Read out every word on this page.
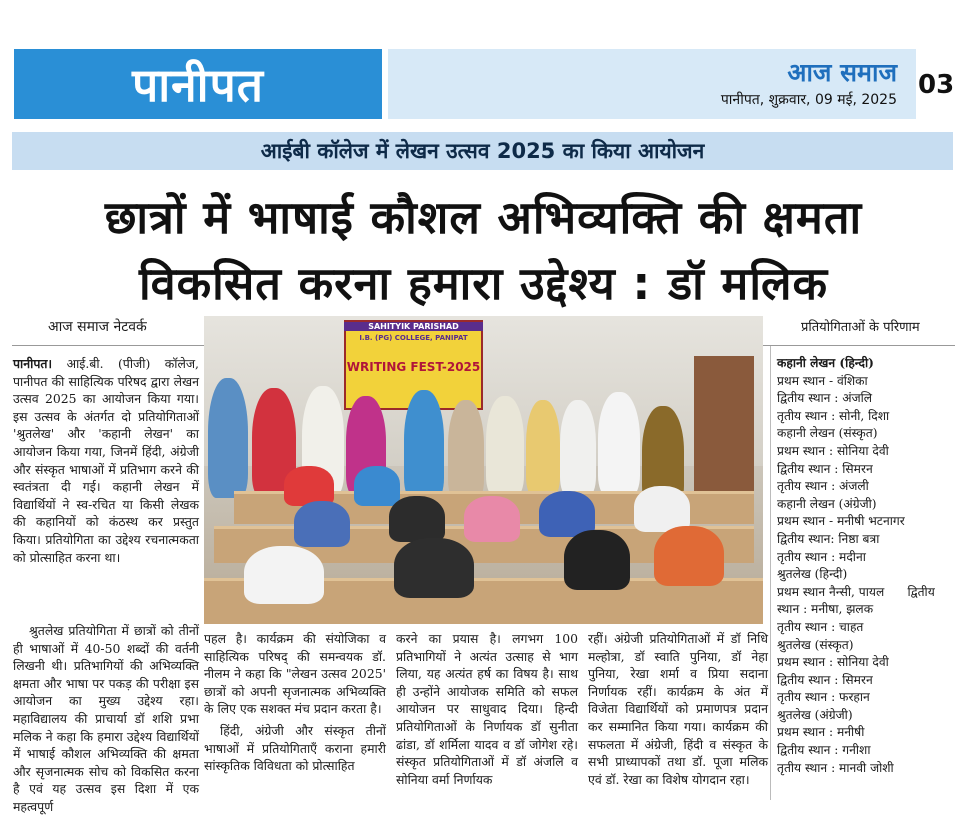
पानीपत	आज समाज
पानीपत, शुक्रवार, 09 मई, 2025 03
आईबी कॉलेज में लेखन उत्सव 2025 का किया आयोजन
छात्रों में भाषाई कौशल अभिव्यक्ति की क्षमता
विकसित करना हमारा उद्देश्य : डॉ मलिक
आज समाज नेटवर्क	प्रतियोगिताओं के परिणाम
SAHITYIK PARISHAD
I.B. (PG) COLLEGE, PANIPAT
WRITING FEST-2025

पानीपत। आई.बी. (पीजी) कॉलेज, पानीपत की साहित्यिक परिषद द्वारा लेखन उत्सव 2025 का आयोजन किया गया। इस उत्सव के अंतर्गत दो प्रतियोगिताओं 'श्रुतलेख' और 'कहानी लेखन' का आयोजन किया गया, जिनमें हिंदी, अंग्रेजी और संस्कृत भाषाओं में प्रतिभाग करने की स्वतंत्रता दी गई। कहानी लेखन में विद्यार्थियों ने स्व-रचित या किसी लेखक की कहानियों को कंठस्थ कर प्रस्तुत किया। प्रतियोगिता का उद्देश्य रचनात्मकता को प्रोत्साहित करना था।

श्रुतलेख प्रतियोगिता में छात्रों को तीनों ही भाषाओं में 40-50 शब्दों की वर्तनी लिखनी थी। प्रतिभागियों की अभिव्यक्ति क्षमता और भाषा पर पकड़ की परीक्षा इस आयोजन का मुख्य उद्देश्य रहा। महाविद्यालय की प्राचार्या डॉ शशि प्रभा मलिक ने कहा कि हमारा उद्देश्य विद्यार्थियों में भाषाई कौशल अभिव्यक्ति की क्षमता और सृजनात्मक सोच को विकसित करना है एवं यह उत्सव इस दिशा में एक महत्वपूर्ण

पहल है। कार्यक्रम की संयोजिका व साहित्यिक परिषद् की समन्वयक डॉ. नीलम ने कहा कि "लेखन उत्सव 2025' छात्रों को अपनी सृजनात्मक अभिव्यक्ति के लिए एक सशक्त मंच प्रदान करता है।

हिंदी, अंग्रेजी और संस्कृत तीनों भाषाओं में प्रतियोगिताएँ कराना हमारी सांस्कृतिक विविधता को प्रोत्साहित

करने का प्रयास है। लगभग 100 प्रतिभागियों ने अत्यंत उत्साह से भाग लिया, यह अत्यंत हर्ष का विषय है। साथ ही उन्होंने आयोजक समिति को सफल आयोजन पर साधुवाद दिया। हिन्दी प्रतियोगिताओं के निर्णायक डॉ सुनीता ढांडा, डॉ शर्मिला यादव व डॉ जोगेश रहे। संस्कृत प्रतियोगिताओं में डॉ अंजलि व सोनिया वर्मा निर्णायक

रहीं। अंग्रेजी प्रतियोगिताओं में डॉ निधि मल्होत्रा, डॉ स्वाति पुनिया, डॉ नेहा पुनिया, रेखा शर्मा व प्रिया सदाना निर्णायक रहीं। कार्यक्रम के अंत में विजेता विद्यार्थियों को प्रमाणपत्र प्रदान कर सम्मानित किया गया। कार्यक्रम की सफलता में अंग्रेजी, हिंदी व संस्कृत के सभी प्राध्यापकों तथा डॉ. पूजा मलिक एवं डॉ. रेखा का विशेष योगदान रहा।

कहानी लेखन (हिन्दी)
प्रथम स्थान - वंशिका
द्वितीय स्थान : अंजलि
तृतीय स्थान : सोनी, दिशा
कहानी लेखन (संस्कृत)
प्रथम स्थान : सोनिया देवी
द्वितीय स्थान : सिमरन
तृतीय स्थान : अंजली
कहानी लेखन (अंग्रेजी)
प्रथम स्थान - मनीषी भटनागर
द्वितीय स्थान: निष्ठा बत्रा
तृतीय स्थान : मदीना
श्रुतलेख (हिन्दी)
प्रथम स्थान नैन्सी, पायल      द्वितीय
स्थान : मनीषा, झलक
तृतीय स्थान : चाहत
श्रुतलेख (संस्कृत)
प्रथम स्थान : सोनिया देवी
द्वितीय स्थान : सिमरन
तृतीय स्थान : फरहान
श्रुतलेख (अंग्रेजी)
प्रथम स्थान : मनीषी
द्वितीय स्थान : गनीशा
तृतीय स्थान : मानवी जोशी
